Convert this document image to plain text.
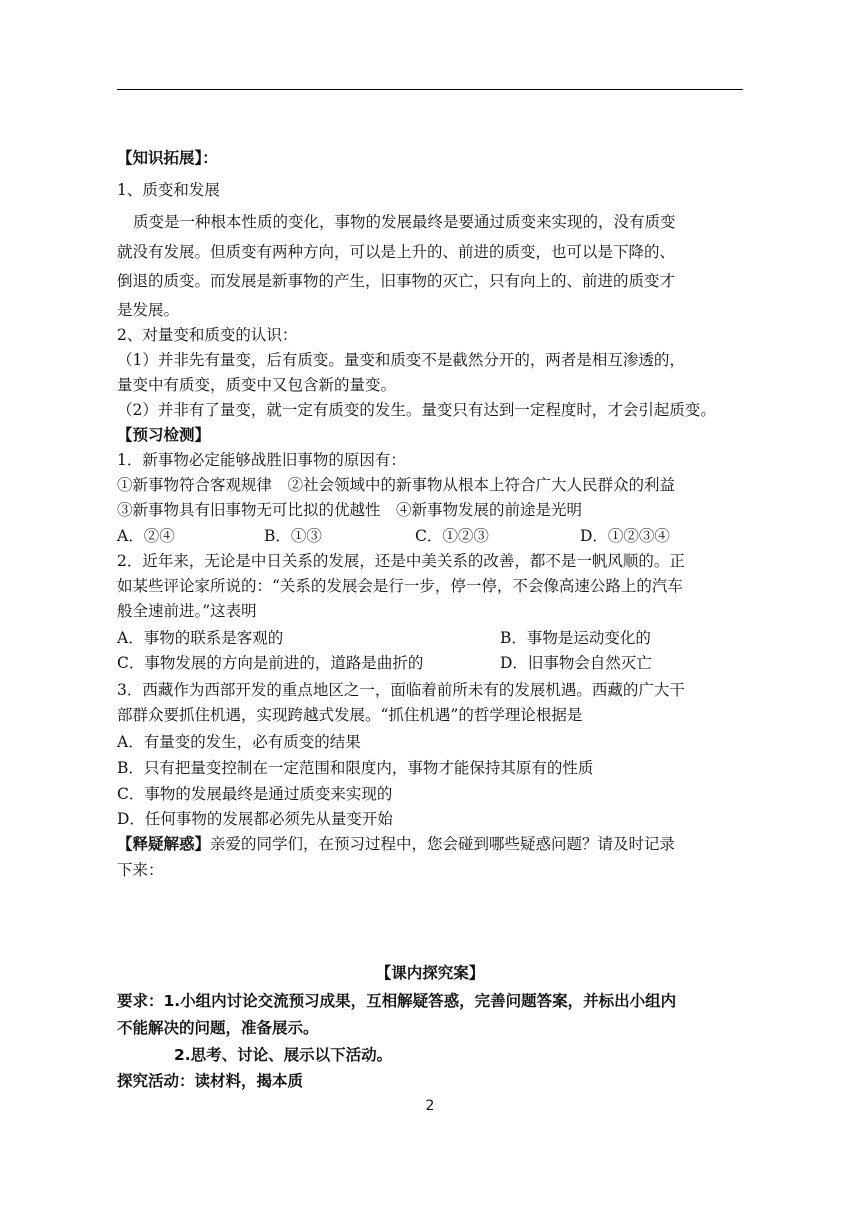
【知识拓展】：
1、质变和发展
质变是一种根本性质的变化，事物的发展最终是要通过质变来实现的，没有质变
就没有发展。但质变有两种方向，可以是上升的、前进的质变，也可以是下降的、
倒退的质变。而发展是新事物的产生，旧事物的灭亡，只有向上的、前进的质变才
是发展。
2、对量变和质变的认识：
（1）并非先有量变，后有质变。量变和质变不是截然分开的，两者是相互渗透的，
量变中有质变，质变中又包含新的量变。
（2）并非有了量变，就一定有质变的发生。量变只有达到一定程度时，才会引起质变。
【预习检测】
1．新事物必定能够战胜旧事物的原因有：
①新事物符合客观规律　②社会领域中的新事物从根本上符合广大人民群众的利益
③新事物具有旧事物无可比拟的优越性　④新事物发展的前途是光明
A．②④	B．①③	C．①②③	D．①②③④
2．近年来，无论是中日关系的发展，还是中美关系的改善，都不是一帆风顺的。正
如某些评论家所说的：“关系的发展会是行一步，停一停，不会像高速公路上的汽车
般全速前进。”这表明
A．事物的联系是客观的	B．事物是运动变化的
C．事物发展的方向是前进的，道路是曲折的	D．旧事物会自然灭亡
3．西藏作为西部开发的重点地区之一，面临着前所未有的发展机遇。西藏的广大干
部群众要抓住机遇，实现跨越式发展。“抓住机遇”的哲学理论根据是
A．有量变的发生，必有质变的结果
B．只有把量变控制在一定范围和限度内，事物才能保持其原有的性质
C．事物的发展最终是通过质变来实现的
D．任何事物的发展都必须先从量变开始
【释疑解惑】亲爱的同学们，在预习过程中，您会碰到哪些疑惑问题？请及时记录
下来：
【课内探究案】
要求：1.小组内讨论交流预习成果，互相解疑答惑，完善问题答案，并标出小组内
不能解决的问题，准备展示。
2.思考、讨论、展示以下活动。
探究活动：读材料，揭本质
2
